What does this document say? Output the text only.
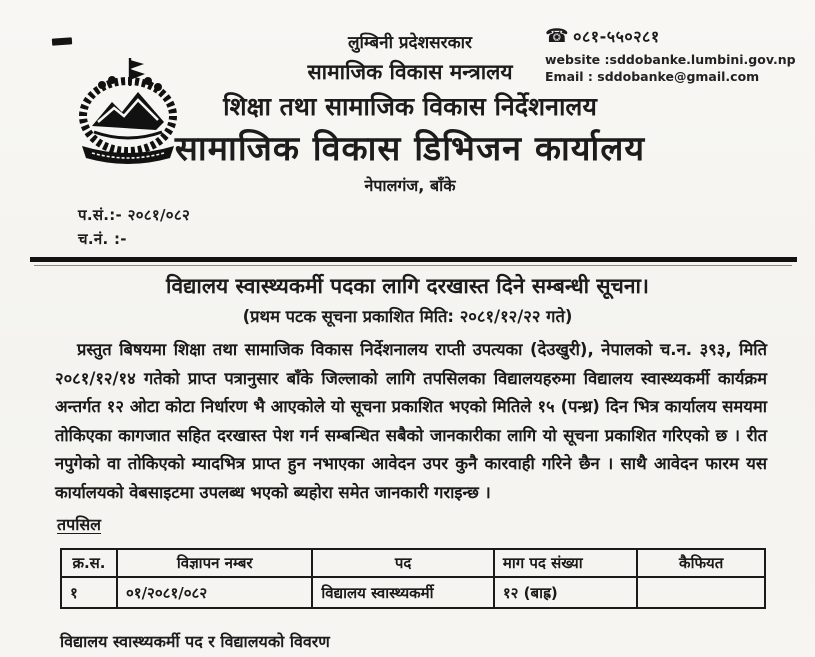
लुम्बिनी प्रदेशसरकार
सामाजिक विकास मन्त्रालय
शिक्षा तथा सामाजिक विकास निर्देशनालय
सामाजिक विकास डिभिजन कार्यालय
नेपालगंज, बाँके
☎ ०८१-५५०२८१
website :sddobanke.lumbini.gov.np
Email : sddobanke@gmail.com
प.सं.:- २०८१/०८२
च.नं. :-
विद्यालय स्वास्थ्यकर्मी पदका लागि दरखास्त दिने सम्बन्धी सूचना।
(प्रथम पटक सूचना प्रकाशित मिति: २०८१/१२/२२ गते)
प्रस्तुत बिषयमा शिक्षा तथा सामाजिक विकास निर्देशनालय राप्ती उपत्यका (देउखुरी), नेपालको च.न. ३९३, मिति २०८१/१२/१४ गतेको प्राप्त पत्रानुसार बाँके जिल्लाको लागि तपसिलका विद्यालयहरुमा विद्यालय स्वास्थ्यकर्मी कार्यक्रम अन्तर्गत १२ ओटा कोटा निर्धारण भै आएकोले यो सूचना प्रकाशित भएको मितिले १५ (पन्ध्र) दिन भित्र कार्यालय समयमा तोकिएका कागजात सहित दरखास्त पेश गर्न सम्बन्धित सबैको जानकारीका लागि यो सूचना प्रकाशित गरिएको छ । रीत नपुगेको वा तोकिएको म्यादभित्र प्राप्त हुन नभाएका आवेदन उपर कुनै कारवाही गरिने छैन । साथै आवेदन फारम यस कार्यालयको वेबसाइटमा उपलब्ध भएको ब्यहोरा समेत जानकारी गराइन्छ ।
तपसिल
क्र.स.	विज्ञापन नम्बर	पद	माग पद संख्या	कैफियत
१	०१/२०८१/०८२	विद्यालय स्वास्थ्यकर्मी	१२ (बाह्र)	
विद्यालय स्वास्थ्यकर्मी पद र विद्यालयको विवरण
